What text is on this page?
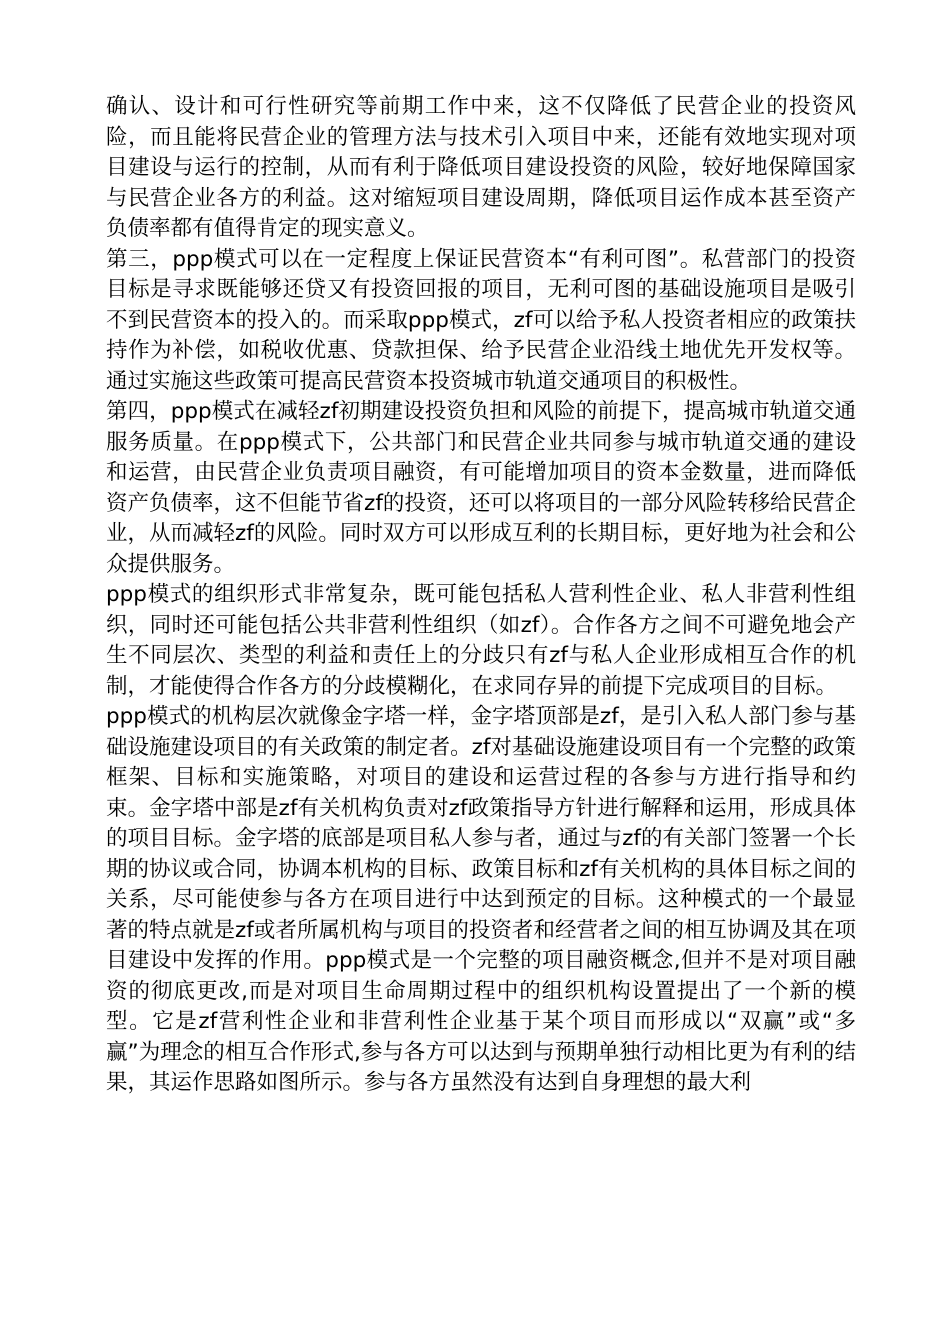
确认、设计和可行性研究等前期工作中来，这不仅降低了民营企业的投资风险，而且能将民营企业的管理方法与技术引入项目中来，还能有效地实现对项目建设与运行的控制，从而有利于降低项目建设投资的风险，较好地保障国家与民营企业各方的利益。这对缩短项目建设周期，降低项目运作成本甚至资产负债率都有值得肯定的现实意义。

第三，ppp模式可以在一定程度上保证民营资本“有利可图”。私营部门的投资目标是寻求既能够还贷又有投资回报的项目，无利可图的基础设施项目是吸引不到民营资本的投入的。而采取ppp模式，zf可以给予私人投资者相应的政策扶持作为补偿，如税收优惠、贷款担保、给予民营企业沿线土地优先开发权等。通过实施这些政策可提高民营资本投资城市轨道交通项目的积极性。

第四，ppp模式在减轻zf初期建设投资负担和风险的前提下，提高城市轨道交通服务质量。在ppp模式下，公共部门和民营企业共同参与城市轨道交通的建设和运营，由民营企业负责项目融资，有可能增加项目的资本金数量，进而降低资产负债率，这不但能节省zf的投资，还可以将项目的一部分风险转移给民营企业，从而减轻zf的风险。同时双方可以形成互利的长期目标，更好地为社会和公众提供服务。

ppp模式的组织形式非常复杂，既可能包括私人营利性企业、私人非营利性组织，同时还可能包括公共非营利性组织（如zf）。合作各方之间不可避免地会产生不同层次、类型的利益和责任上的分歧只有zf与私人企业形成相互合作的机制，才能使得合作各方的分歧模糊化，在求同存异的前提下完成项目的目标。

ppp模式的机构层次就像金字塔一样，金字塔顶部是zf，是引入私人部门参与基础设施建设项目的有关政策的制定者。zf对基础设施建设项目有一个完整的政策框架、目标和实施策略，对项目的建设和运营过程的各参与方进行指导和约束。金字塔中部是zf有关机构负责对zf政策指导方针进行解释和运用，形成具体的项目目标。金字塔的底部是项目私人参与者，通过与zf的有关部门签署一个长期的协议或合同，协调本机构的目标、政策目标和zf有关机构的具体目标之间的关系，尽可能使参与各方在项目进行中达到预定的目标。这种模式的一个最显著的特点就是zf或者所属机构与项目的投资者和经营者之间的相互协调及其在项目建设中发挥的作用。ppp模式是一个完整的项目融资概念,但并不是对项目融资的彻底更改,而是对项目生命周期过程中的组织机构设置提出了一个新的模型。它是zf营利性企业和非营利性企业基于某个项目而形成以“双赢”或“多赢”为理念的相互合作形式,参与各方可以达到与预期单独行动相比更为有利的结果，其运作思路如图所示。参与各方虽然没有达到自身理想的最大利
